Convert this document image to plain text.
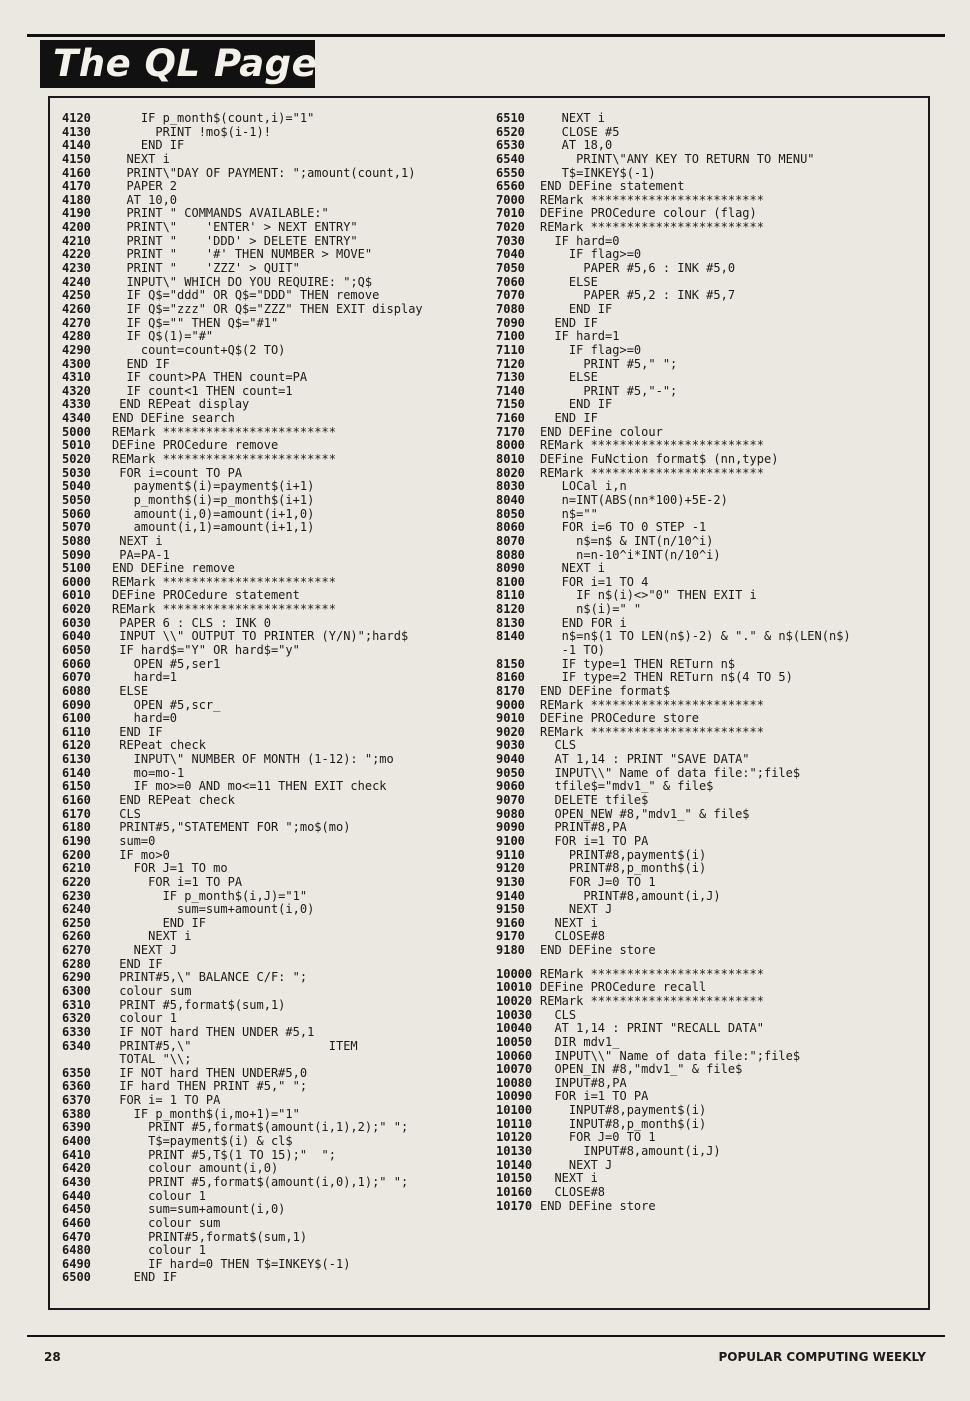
The QL Page
4120 IF p_month$(count,i)="1"
4130 PRINT !mo$(i-1)!
4140 END IF
4150 NEXT i
4160 PRINT\"DAY OF PAYMENT: ";amount(count,1)
4170 PAPER 2
4180 AT 10,0
4190 PRINT " COMMANDS AVAILABLE:"
4200 PRINT\"    'ENTER' > NEXT ENTRY"
4210 PRINT "    'DDD' > DELETE ENTRY"
4220 PRINT "    '#' THEN NUMBER > MOVE"
4230 PRINT "    'ZZZ' > QUIT"
4240 INPUT\" WHICH DO YOU REQUIRE: ";Q$
4250 IF Q$="ddd" OR Q$="DDD" THEN remove
4260 IF Q$="zzz" OR Q$="ZZZ" THEN EXIT display
4270 IF Q$="" THEN Q$="#1"
4280 IF Q$(1)="#"
4290 count=count+Q$(2 TO)
4300 END IF
4310 IF count>PA THEN count=PA
4320 IF count<1 THEN count=1
4330 END REPeat display
4340 END DEFine search
5000 REMark ************************
5010 DEFine PROCedure remove
5020 REMark ************************
5030 FOR i=count TO PA
5040 payment$(i)=payment$(i+1)
5050 p_month$(i)=p_month$(i+1)
5060 amount(i,0)=amount(i+1,0)
5070 amount(i,1)=amount(i+1,1)
5080 NEXT i
5090 PA=PA-1
5100 END DEFine remove
6000 REMark ************************
6010 DEFine PROCedure statement
6020 REMark ************************
6030 PAPER 6 : CLS : INK 0
6040 INPUT \\" OUTPUT TO PRINTER (Y/N)";hard$
6050 IF hard$="Y" OR hard$="y"
6060 OPEN #5,ser1
6070 hard=1
6080 ELSE
6090 OPEN #5,scr_
6100 hard=0
6110 END IF
6120 REPeat check
6130 INPUT\" NUMBER OF MONTH (1-12): ";mo
6140 mo=mo-1
6150 IF mo>=0 AND mo<=11 THEN EXIT check
6160 END REPeat check
6170 CLS
6180 PRINT#5,"STATEMENT FOR ";mo$(mo)
6190 sum=0
6200 IF mo>0
6210 FOR J=1 TO mo
6220 FOR i=1 TO PA
6230 IF p_month$(i,J)="1"
6240 sum=sum+amount(i,0)
6250 END IF
6260 NEXT i
6270 NEXT J
6280 END IF
6290 PRINT#5,\" BALANCE C/F: ";
6300 colour sum
6310 PRINT #5,format$(sum,1)
6320 colour 1
6330 IF NOT hard THEN UNDER #5,1
6340 PRINT#5,\"                   ITEM
TOTAL "\\;
6350 IF NOT hard THEN UNDER#5,0
6360 IF hard THEN PRINT #5," ";
6370 FOR i= 1 TO PA
6380 IF p_month$(i,mo+1)="1"
6390 PRINT #5,format$(amount(i,1),2);" ";
6400 T$=payment$(i) & cl$
6410 PRINT #5,T$(1 TO 15);"  ";
6420 colour amount(i,0)
6430 PRINT #5,format$(amount(i,0),1);" ";
6440 colour 1
6450 sum=sum+amount(i,0)
6460 colour sum
6470 PRINT#5,format$(sum,1)
6480 colour 1
6490 IF hard=0 THEN T$=INKEY$(-1)
6500 END IF
6510 NEXT i
6520 CLOSE #5
6530 AT 18,0
6540 PRINT\"ANY KEY TO RETURN TO MENU"
6550 T$=INKEY$(-1)
6560 END DEFine statement
7000 REMark ************************
7010 DEFine PROCedure colour (flag)
7020 REMark ************************
7030 IF hard=0
7040 IF flag>=0
7050 PAPER #5,6 : INK #5,0
7060 ELSE
7070 PAPER #5,2 : INK #5,7
7080 END IF
7090 END IF
7100 IF hard=1
7110 IF flag>=0
7120 PRINT #5," ";
7130 ELSE
7140 PRINT #5,"-";
7150 END IF
7160 END IF
7170 END DEFine colour
8000 REMark ************************
8010 DEFine FuNction format$ (nn,type)
8020 REMark ************************
8030 LOCal i,n
8040 n=INT(ABS(nn*100)+5E-2)
8050 n$=""
8060 FOR i=6 TO 0 STEP -1
8070 n$=n$ & INT(n/10^i)
8080 n=n-10^i*INT(n/10^i)
8090 NEXT i
8100 FOR i=1 TO 4
8110 IF n$(i)<>"0" THEN EXIT i
8120 n$(i)=" "
8130 END FOR i
8140 n$=n$(1 TO LEN(n$)-2) & "." & n$(LEN(n$)
-1 TO)
8150 IF type=1 THEN RETurn n$
8160 IF type=2 THEN RETurn n$(4 TO 5)
8170 END DEFine format$
9000 REMark ************************
9010 DEFine PROCedure store
9020 REMark ************************
9030 CLS
9040 AT 1,14 : PRINT "SAVE DATA"
9050 INPUT\\" Name of data file:";file$
9060 tfile$="mdv1_" & file$
9070 DELETE tfile$
9080 OPEN_NEW #8,"mdv1_" & file$
9090 PRINT#8,PA
9100 FOR i=1 TO PA
9110 PRINT#8,payment$(i)
9120 PRINT#8,p_month$(i)
9130 FOR J=0 TO 1
9140 PRINT#8,amount(i,J)
9150 NEXT J
9160 NEXT i
9170 CLOSE#8
9180 END DEFine store
10000 REMark ************************
10010 DEFine PROCedure recall
10020 REMark ************************
10030 CLS
10040 AT 1,14 : PRINT "RECALL DATA"
10050 DIR mdv1_
10060 INPUT\\" Name of data file:";file$
10070 OPEN_IN #8,"mdv1_" & file$
10080 INPUT#8,PA
10090 FOR i=1 TO PA
10100 INPUT#8,payment$(i)
10110 INPUT#8,p_month$(i)
10120 FOR J=0 TO 1
10130 INPUT#8,amount(i,J)
10140 NEXT J
10150 NEXT i
10160 CLOSE#8
10170 END DEFine store
28	POPULAR COMPUTING WEEKLY
